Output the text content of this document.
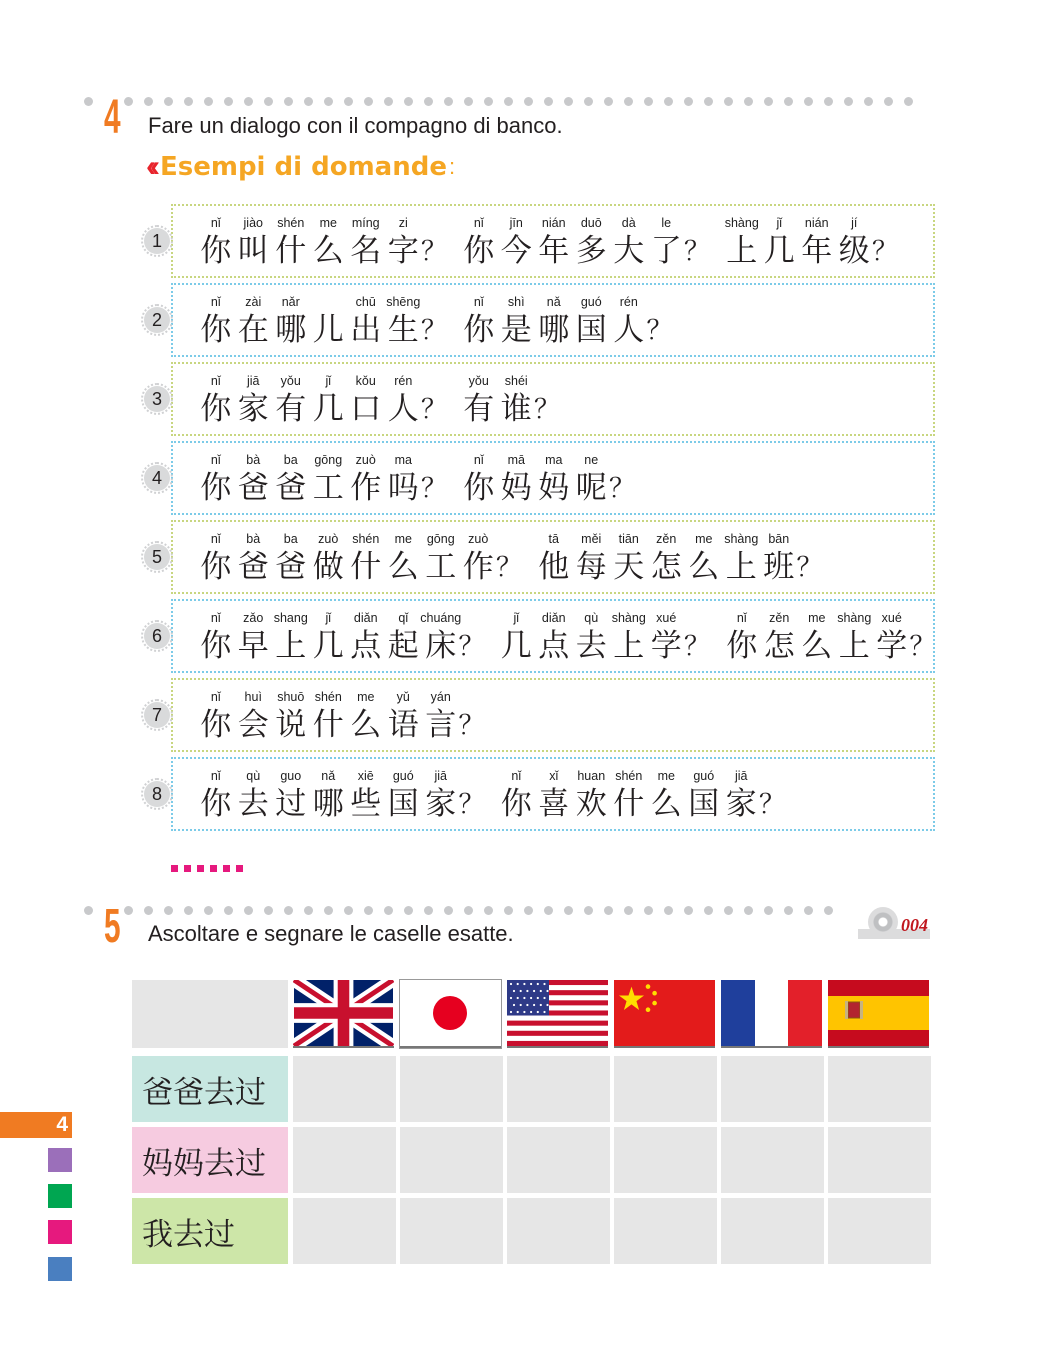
4 Fare un dialogo con il compagno di banco.
‹‹ Esempi di domande :
nǐ
你
jiào
叫
shén
什
me
么
míng
名
zi
字 ？
nǐ
你
jīn
今
nián
年
duō
多
dà
大
le
了 ？
shàng
上
jǐ
几
nián
年
jí
级 ？
1
nǐ
你
zài
在
nǎr
哪 儿
chū
出
shēng
生 ？
nǐ
你
shì
是
nǎ
哪
guó
国
rén
人 ？
2
nǐ
你
jiā
家
yǒu
有
jǐ
几
kǒu
口
rén
人 ？
yǒu
有
shéi
谁 ？
3
nǐ
你
bà
爸
ba
爸
gōng
工
zuò
作
ma
吗 ？
nǐ
你
mā
妈
ma
妈
ne
呢 ？
4
nǐ
你
bà
爸
ba
爸
zuò
做
shén
什
me
么
gōng
工
zuò
作 ？
tā
他
měi
每
tiān
天
zěn
怎
me
么
shàng
上
bān
班 ？
5
nǐ
你
zǎo
早
shang
上
jǐ
几
diǎn
点
qǐ
起
chuáng
床 ？
jǐ
几
diǎn
点
qù
去
shàng
上
xué
学 ？
nǐ
你
zěn
怎
me
么
shàng
上
xué
学 ？
6
nǐ
你
huì
会
shuō
说
shén
什
me
么
yǔ
语
yán
言 ？
7
nǐ
你
qù
去
guo
过
nǎ
哪
xiē
些
guó
国
jiā
家 ？
nǐ
你
xǐ
喜
huan
欢
shén
什
me
么
guó
国
jiā
家 ？
8
5 Ascoltare e segnare le caselle esatte.	004
爸爸去过
妈妈去过
我去过
4
